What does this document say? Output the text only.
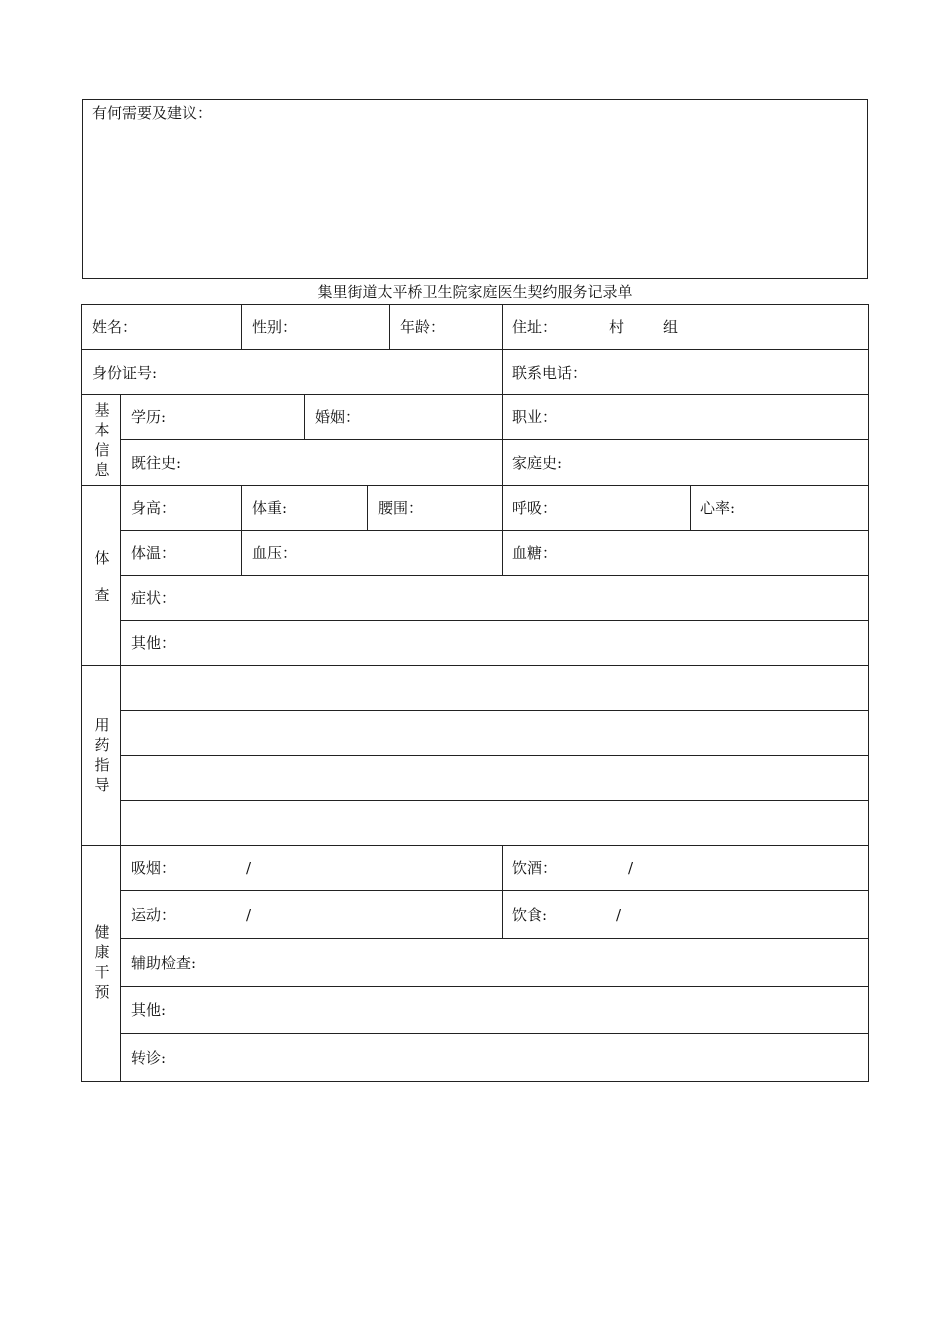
有何需要及建议：
集里街道太平桥卫生院家庭医生契约服务记录单
姓名：	性别：	年龄：	住址：	村	组
身份证号:	联系电话：
基本信息
学历:	婚姻：	职业：
既往史:	家庭史:
体
查
身高：	体重:	腰围：	呼吸：	心率:
体温：	血压：	血糖：
症状：
其他：
用药指导
健康干预
吸烟：	/	饮酒：	/
运动：	/	饮食:	/
辅助检查:
其他:
转诊:
